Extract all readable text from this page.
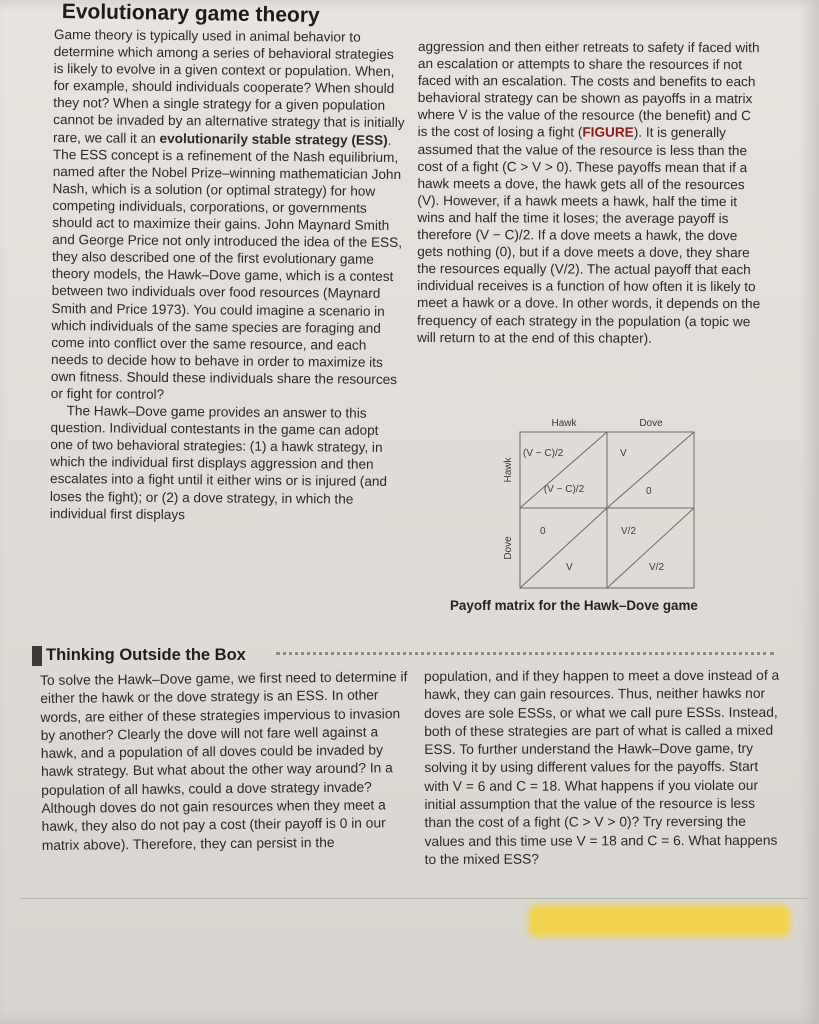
Evolutionary game theory

Game theory is typically used in animal behavior to determine which among a series of behavioral strategies is likely to evolve in a given context or population. When, for example, should individuals cooperate? When should they not? When a single strategy for a given population cannot be invaded by an alternative strategy that is initially rare, we call it an evolutionarily stable strategy (ESS). The ESS concept is a refinement of the Nash equilibrium, named after the Nobel Prize–winning mathematician John Nash, which is a solution (or optimal strategy) for how competing individuals, corporations, or governments should act to maximize their gains. John Maynard Smith and George Price not only introduced the idea of the ESS, they also described one of the first evolutionary game theory models, the Hawk–Dove game, which is a contest between two individuals over food resources (Maynard Smith and Price 1973). You could imagine a scenario in which individuals of the same species are foraging and come into conflict over the same resource, and each needs to decide how to behave in order to maximize its own fitness. Should these individuals share the resources or fight for control?

The Hawk–Dove game provides an answer to this question. Individual contestants in the game can adopt one of two behavioral strategies: (1) a hawk strategy, in which the individual first displays aggression and then escalates into a fight until it either wins or is injured (and loses the fight); or (2) a dove strategy, in which the individual first displays

aggression and then either retreats to safety if faced with an escalation or attempts to share the resources if not faced with an escalation. The costs and benefits to each behavioral strategy can be shown as payoffs in a matrix where V is the value of the resource (the benefit) and C is the cost of losing a fight (FIGURE). It is generally assumed that the value of the resource is less than the cost of a fight (C > V > 0). These payoffs mean that if a hawk meets a dove, the hawk gets all of the resources (V). However, if a hawk meets a hawk, half the time it wins and half the time it loses; the average payoff is therefore (V − C)/2. If a dove meets a hawk, the dove gets nothing (0), but if a dove meets a dove, they share the resources equally (V/2). The actual payoff that each individual receives is a function of how often it is likely to meet a hawk or a dove. In other words, it depends on the frequency of each strategy in the population (a topic we will return to at the end of this chapter).

Hawk	Dove
Hawk
Dove
(V − C)/2
(V − C)/2
V
0
0
V
V/2
V/2
Payoff matrix for the Hawk–Dove game
Thinking Outside the Box

To solve the Hawk–Dove game, we first need to determine if either the hawk or the dove strategy is an ESS. In other words, are either of these strategies impervious to invasion by another? Clearly the dove will not fare well against a hawk, and a population of all doves could be invaded by hawk strategy. But what about the other way around? In a population of all hawks, could a dove strategy invade? Although doves do not gain resources when they meet a hawk, they also do not pay a cost (their payoff is 0 in our matrix above). Therefore, they can persist in the

population, and if they happen to meet a dove instead of a hawk, they can gain resources. Thus, neither hawks nor doves are sole ESSs, or what we call pure ESSs. Instead, both of these strategies are part of what is called a mixed ESS. To further understand the Hawk–Dove game, try solving it by using different values for the payoffs. Start with V = 6 and C = 18. What happens if you violate our initial assumption that the value of the resource is less than the cost of a fight (C > V > 0)? Try reversing the values and this time use V = 18 and C = 6. What happens to the mixed ESS?
